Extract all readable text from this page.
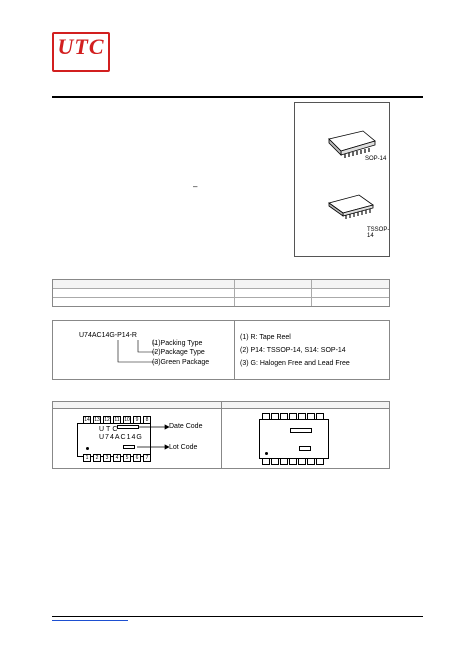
UTC
–
SOP-14
TSSOP-14
U74AC14G-P14-R
(1)Packing Type
(2)Package Type
(3)Green Package
(1) R: Tape Reel
(2) P14: TSSOP-14, S14: SOP-14
(3) G: Halogen Free and Lead Free
14 13 12 11 10	9	8
1	2	3	4	5	6	7
UTC
U74AC14G
Date Code
Lot Code
